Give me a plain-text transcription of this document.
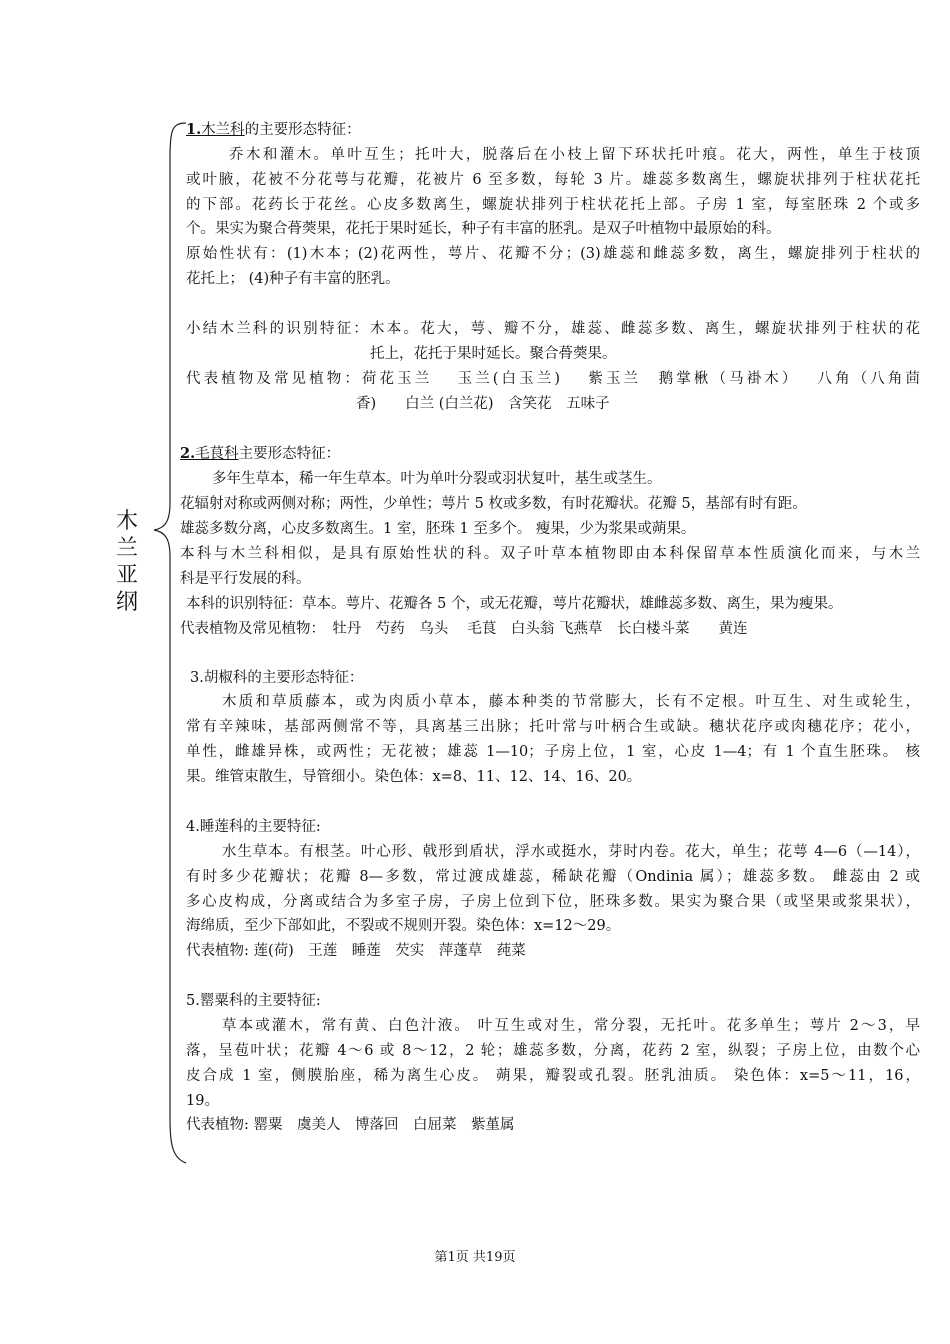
木兰亚纲
1.木兰科的主要形态特征：
乔木和灌木。单叶互生；托叶大，脱落后在小枝上留下环状托叶痕。花大，两性，单生于枝顶
或叶腋，花被不分花萼与花瓣，花被片 6 至多数，每轮 3 片。雄蕊多数离生，螺旋状排列于柱状花托
的下部。花药长于花丝。心皮多数离生，螺旋状排列于柱状花托上部。子房 1 室，每室胚珠 2 个或多
个。果实为聚合蓇葖果，花托于果时延长，种子有丰富的胚乳。是双子叶植物中最原始的科。
原始性状有：(1)木本；(2)花两性，萼片、花瓣不分；(3)雄蕊和雌蕊多数，离生，螺旋排列于柱状的
花托上； (4)种子有丰富的胚乳。
小结木兰科的识别特征：木本。花大，萼、瓣不分，雄蕊、雌蕊多数、离生，螺旋状排列于柱状的花
托上，花托于果时延长。聚合蓇葖果。
代表植物及常见植物：荷花玉兰　 玉兰(白玉兰)　 紫玉兰　鹅掌楸（马褂木）　 八角（八角茴
香)　　白兰 (白兰花)　含笑花　五味子
2.毛茛科主要形态特征：
多年生草本，稀一年生草本。叶为单叶分裂或羽状复叶，基生或茎生。
花辐射对称或两侧对称；两性，少单性；萼片 5 枚或多数，有时花瓣状。花瓣 5，基部有时有距。
雄蕊多数分离，心皮多数离生。1 室，胚珠 1 至多个。 瘦果，少为浆果或蒴果。
本科与木兰科相似，是具有原始性状的科。双子叶草本植物即由本科保留草本性质演化而来，与木兰
科是平行发展的科。
本科的识别特征：草本。萼片、花瓣各 5 个，或无花瓣，萼片花瓣状，雄雌蕊多数、离生，果为瘦果。
代表植物及常见植物：　牡丹　芍药　乌头　 毛茛　白头翁 飞燕草　长白楼斗菜　　黄连
3.胡椒科的主要形态特征：
木质和草质藤本，或为肉质小草本，藤本种类的节常膨大，长有不定根。叶互生、对生或轮生，
常有辛辣味，基部两侧常不等，具离基三出脉；托叶常与叶柄合生或缺。穗状花序或肉穗花序；花小，
单性，雌雄异株，或两性；无花被；雄蕊 1—10；子房上位，1 室，心皮 1—4；有 1 个直生胚珠。 核
果。维管束散生，导管细小。染色体：x=8、11、12、14、16、20。
4.睡莲科的主要特征:
水生草本。有根茎。叶心形、戟形到盾状，浮水或挺水，芽时内卷。花大，单生；花萼 4—6（—14），
有时多少花瓣状；花瓣 8—多数，常过渡成雄蕊，稀缺花瓣（Ondinia 属）；雄蕊多数。 雌蕊由 2 或
多心皮构成，分离或结合为多室子房，子房上位到下位，胚珠多数。果实为聚合果（或坚果或浆果状），
海绵质，至少下部如此，不裂或不规则开裂。染色体：x=12～29。
代表植物: 莲(荷)　王莲　睡莲　芡实　萍蓬草　莼菜
5.罂粟科的主要特征:
草本或灌木，常有黄、白色汁液。 叶互生或对生，常分裂，无托叶。花多单生；萼片 2～3，早
落，呈苞叶状；花瓣 4～6 或 8～12，2 轮；雄蕊多数，分离，花药 2 室，纵裂；子房上位，由数个心
皮合成 1 室，侧膜胎座，稀为离生心皮。 蒴果，瓣裂或孔裂。胚乳油质。 染色体：x=5～11，16，
19。
代表植物: 罂粟　虞美人　博落回　白屈菜　紫堇属
第1页 共19页
